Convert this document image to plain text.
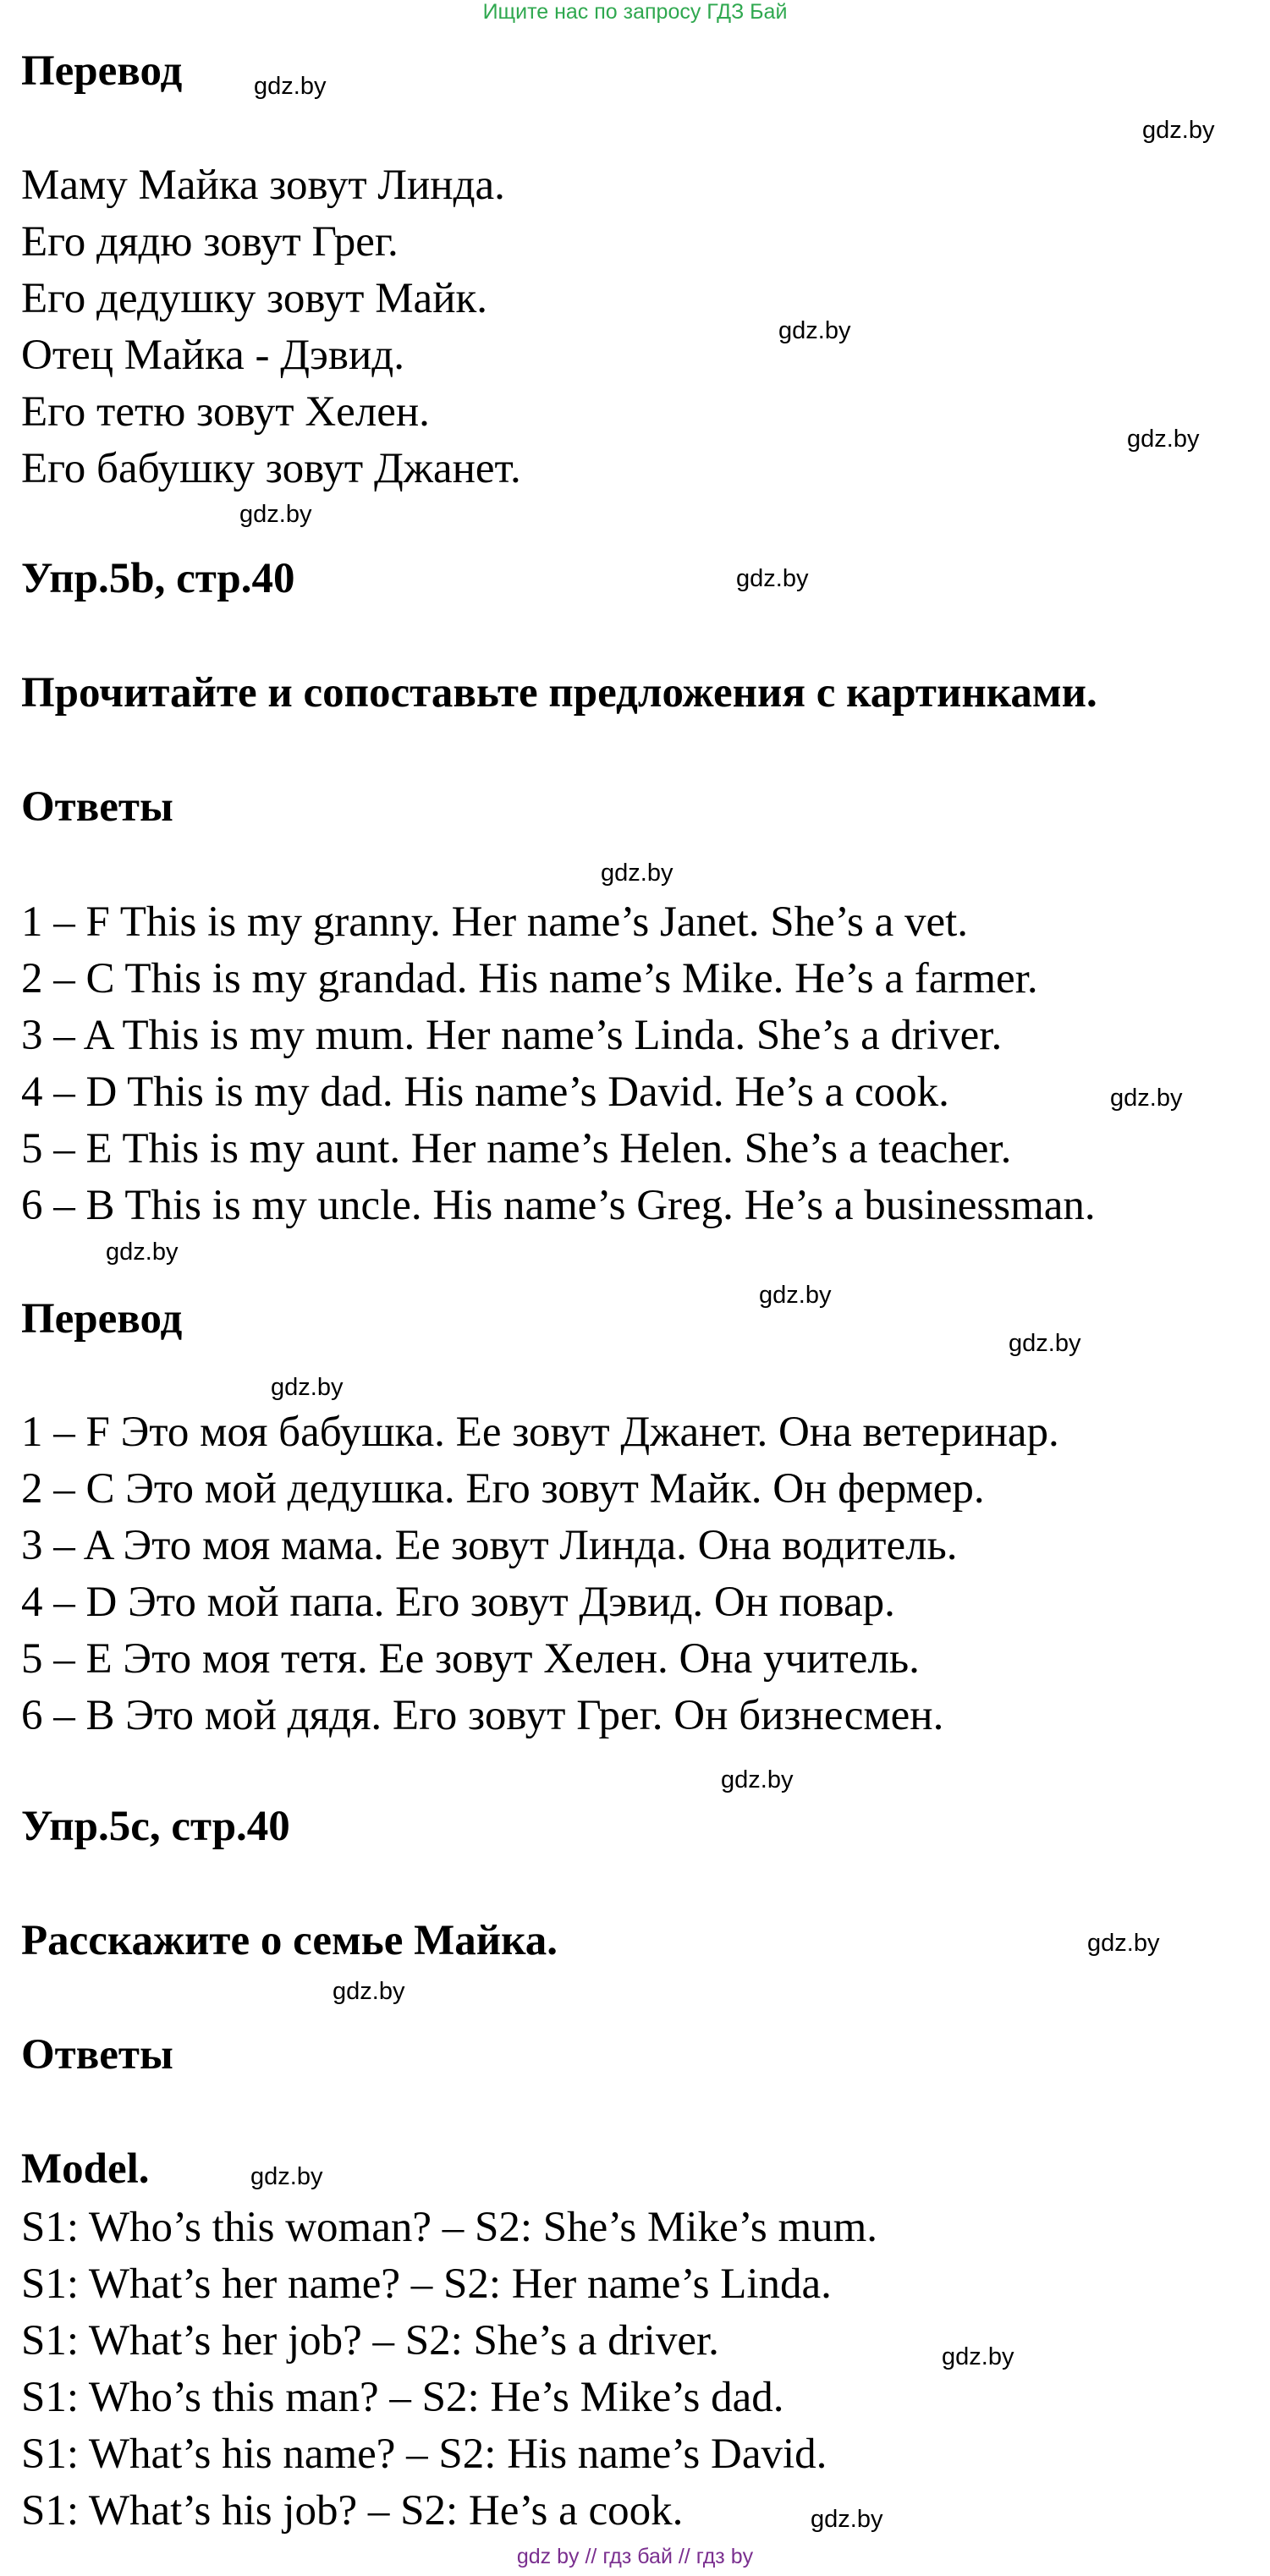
Ищите нас по запросу ГДЗ Бай
Перевод
Маму Майка зовут Линда.
Его дядю зовут Грег.
Его дедушку зовут Майк.
Отец Майка - Дэвид.
Его тетю зовут Хелен.
Его бабушку зовут Джанет.
Упр.5b, стр.40
Прочитайте и сопоставьте предложения с картинками.
Ответы
1 – F This is my granny. Her name’s Janet. She’s a vet.
2 – C This is my grandad. His name’s Mike. He’s a farmer.
3 – A This is my mum. Her name’s Linda. She’s a driver.
4 – D This is my dad. His name’s David. He’s a cook.
5 – E This is my aunt. Her name’s Helen. She’s a teacher.
6 – B This is my uncle. His name’s Greg. He’s a businessman.
Перевод
1 – F Это моя бабушка. Ее зовут Джанет. Она ветеринар.
2 – C Это мой дедушка. Его зовут Майк. Он фермер.
3 – A Это моя мама. Ее зовут Линда. Она водитель.
4 – D Это мой папа. Его зовут Дэвид. Он повар.
5 – E Это моя тетя. Ее зовут Хелен. Она учитель.
6 – B Это мой дядя. Его зовут Грег. Он бизнесмен.
Упр.5c, стр.40
Расскажите о семье Майка.
Ответы
Model.
S1: Who’s this woman? – S2: She’s Mike’s mum.
S1: What’s her name? – S2: Her name’s Linda.
S1: What’s her job? – S2: She’s a driver.
S1: Who’s this man? – S2: He’s Mike’s dad.
S1: What’s his name? – S2: His name’s David.
S1: What’s his job? – S2: He’s a cook.
gdz.by
gdz.by
gdz.by
gdz.by
gdz.by
gdz.by
gdz.by
gdz.by
gdz.by
gdz.by
gdz.by
gdz.by
gdz.by
gdz.by
gdz.by
gdz.by
gdz.by
gdz.by
gdz by // гдз бай // гдз by
